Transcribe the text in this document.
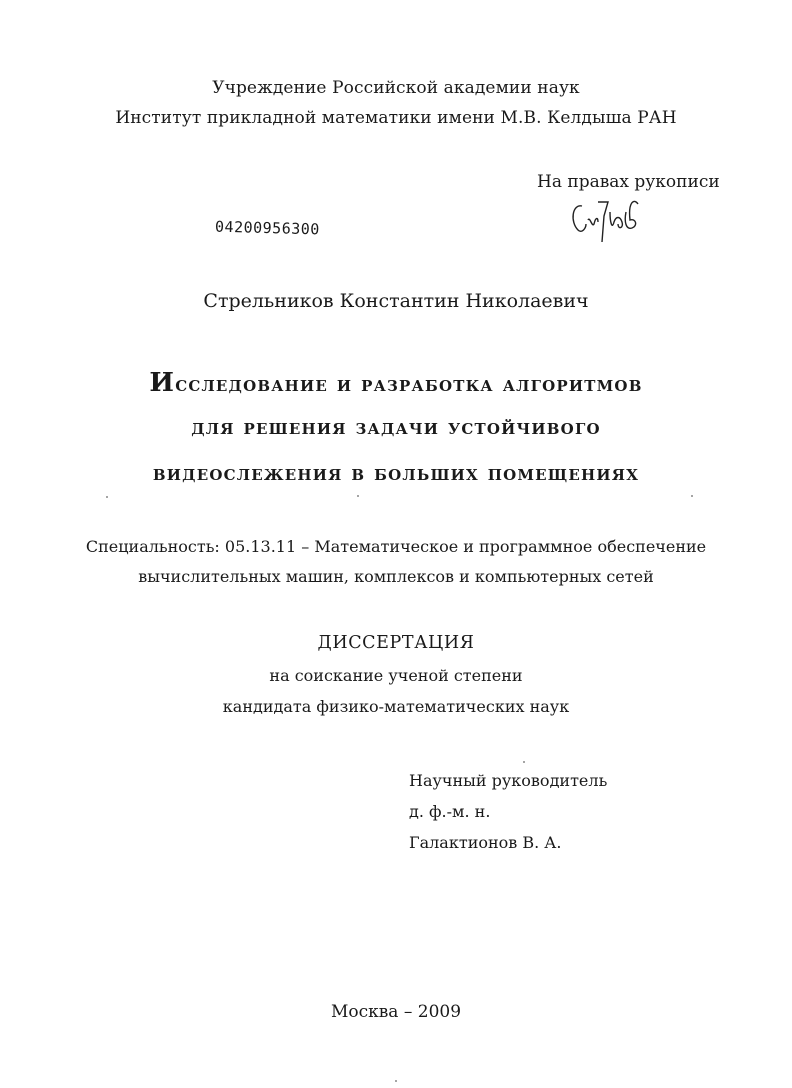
Учреждение Российской академии наук
Институт прикладной математики имени М.В. Келдыша РАН
На правах рукописи
04200956300
Стрельников Константин Николаевич
Исследование и разработка алгоритмов
для решения задачи устойчивого
видеослежения в больших помещениях
Специальность: 05.13.11 – Математическое и программное обеспечение
вычислительных машин, комплексов и компьютерных сетей
ДИССЕРТАЦИЯ
на соискание ученой степени
кандидата физико-математических наук
Научный руководитель
д. ф.-м. н.
Галактионов В. А.
Москва – 2009
